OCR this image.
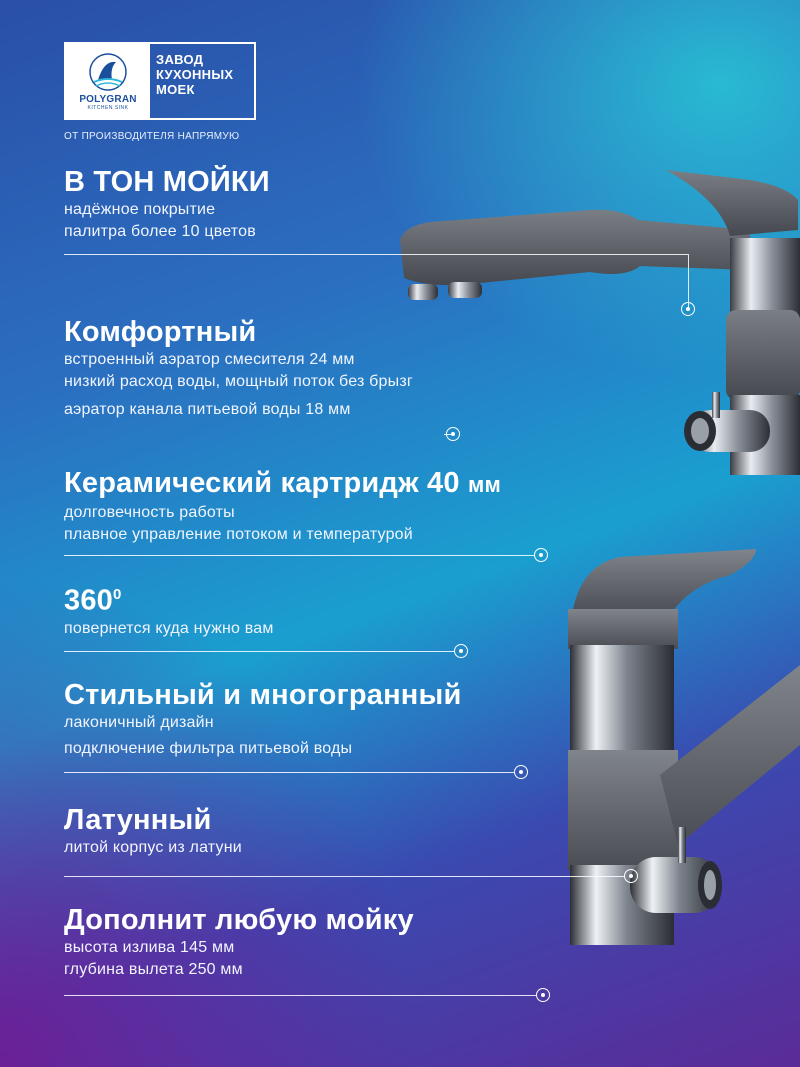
POLYGRAN
KITCHEN SINK
ЗАВОД
КУХОННЫХ
МОЕК
ОТ ПРОИЗВОДИТЕЛЯ НАПРЯМУЮ
В ТОН МОЙКИ

надёжное покрытие

палитра более 10 цветов

Комфортный

встроенный аэратор смесителя 24 мм

низкий расход воды, мощный поток без брызг

аэратор канала питьевой воды 18 мм

Керамический картридж 40 мм

долговечность работы

плавное управление потоком и температурой

$360^0$

повернется куда нужно вам

Стильный и многогранный

лаконичный дизайн

подключение фильтра питьевой воды

Латунный

литой корпус из латуни

Дополнит любую мойку

высота излива 145 мм

глубина вылета 250 мм
